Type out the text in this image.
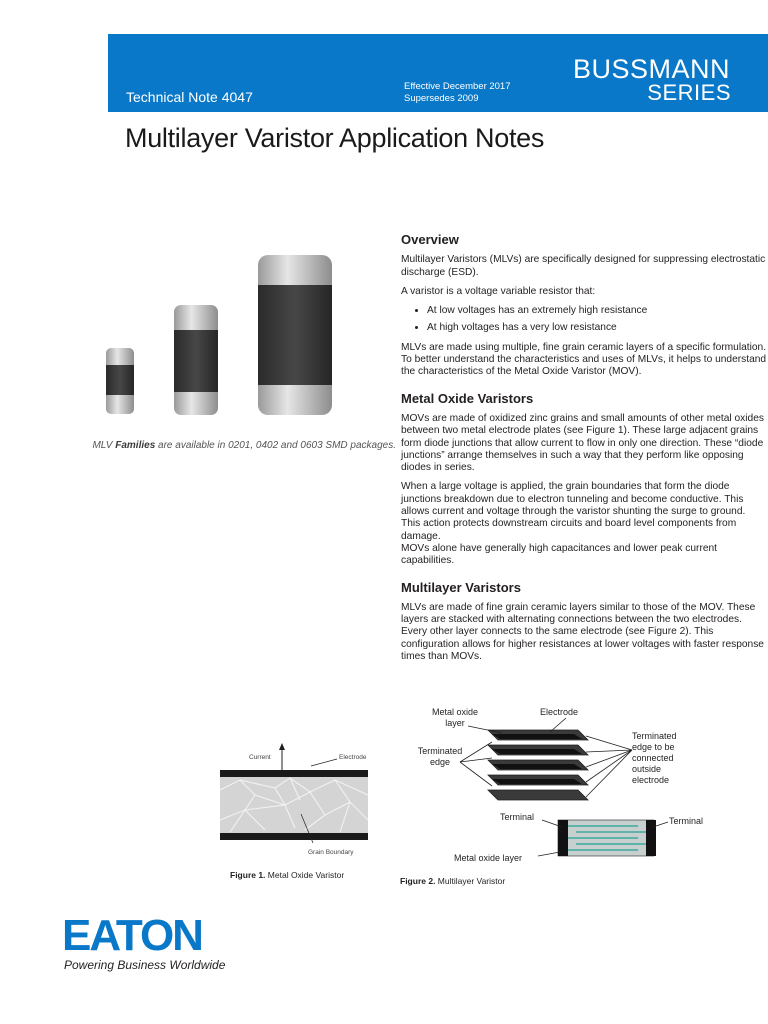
Technical Note 4047
Effective December 2017
Supersedes 2009
BUSSMANN
SERIES
Multilayer Varistor Application Notes
MLV Families are available in 0201, 0402 and 0603 SMD packages.
Overview

Multilayer Varistors (MLVs) are specifically designed for suppressing electrostatic discharge (ESD).

A varistor is a voltage variable resistor that:

• At low voltages has an extremely high resistance
• At high voltages has a very low resistance

MLVs are made using multiple, fine grain ceramic layers of a specific formulation. To better understand the characteristics and uses of MLVs, it helps to understand the characteristics of the Metal Oxide Varistor (MOV).

Metal Oxide Varistors

MOVs are made of oxidized zinc grains and small amounts of other metal oxides between two metal electrode plates (see Figure 1). These large adjacent grains form diode junctions that allow current to flow in only one direction. These “diode junctions” arrange themselves in such a way that they perform like opposing diodes in series.

When a large voltage is applied, the grain boundaries that form the diode junctions breakdown due to electron tunneling and become conductive. This allows current and voltage through the varistor shunting the surge to ground. This action protects downstream circuits and board level components from damage.

MOVs alone have generally high capacitances and lower peak current capabilities.

Multilayer Varistors

MLVs are made of fine grain ceramic layers similar to those of the MOV. These layers are stacked with alternating connections between the two electrodes. Every other layer connects to the same electrode (see Figure 2). This configuration allows for higher resistances at lower voltages with faster response times than MOVs.

Current	Electrode
Grain Boundary
Figure 1. Metal Oxide Varistor
Metal oxide layer
Electrode
Terminated edge
Terminated edge to be connected outside electrode
Terminal	Terminal
Metal oxide layer
Figure 2. Multilayer Varistor
EATON
Powering Business Worldwide
